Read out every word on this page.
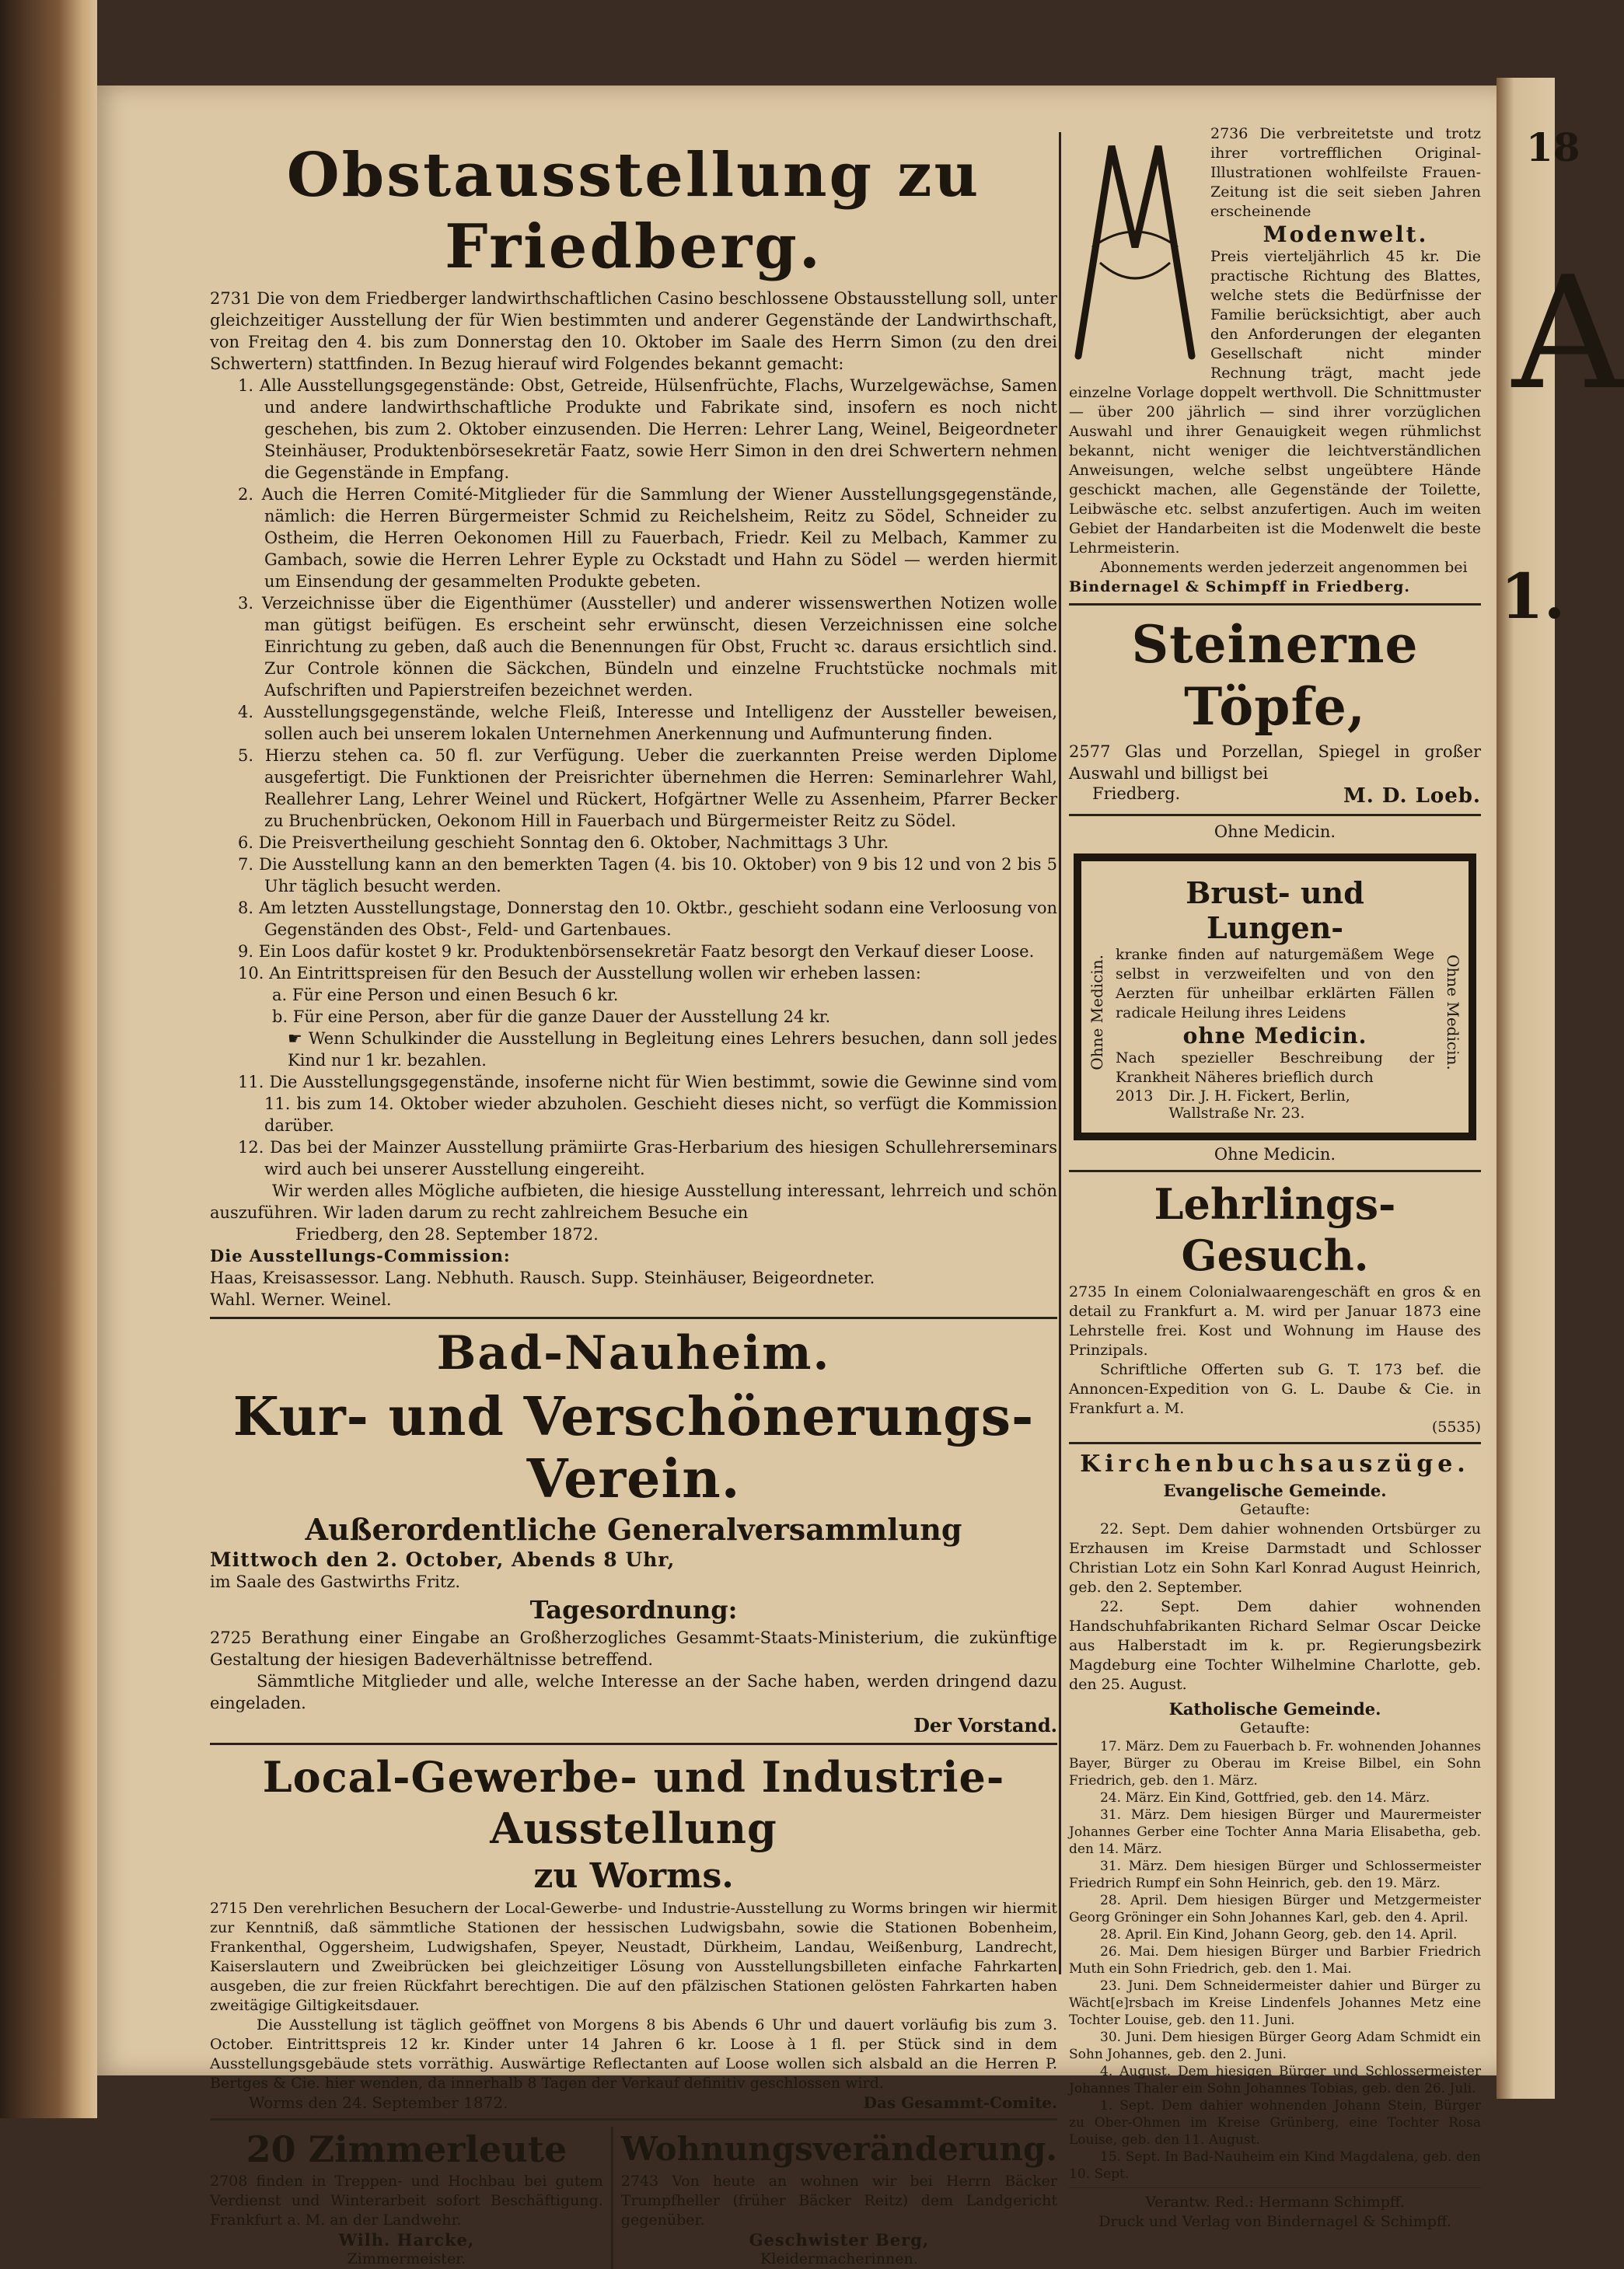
18
A
1.
Obstausstellung zu Friedberg.

2731 Die von dem Friedberger landwirthschaftlichen Casino beschlossene Obstausstellung soll, unter gleichzeitiger Ausstellung der für Wien bestimmten und anderer Gegenstände der Landwirthschaft, von Freitag den 4. bis zum Donnerstag den 10. Oktober im Saale des Herrn Simon (zu den drei Schwertern) stattfinden. In Bezug hierauf wird Folgendes bekannt gemacht:

1. Alle Ausstellungsgegenstände: Obst, Getreide, Hülsenfrüchte, Flachs, Wurzelgewächse, Samen und andere landwirthschaftliche Produkte und Fabrikate sind, insofern es noch nicht geschehen, bis zum 2. Oktober einzusenden. Die Herren: Lehrer Lang, Weinel, Beigeordneter Steinhäuser, Produktenbörsesekretär Faatz, sowie Herr Simon in den drei Schwertern nehmen die Gegenstände in Empfang.

2. Auch die Herren Comité-Mitglieder für die Sammlung der Wiener Ausstellungsgegenstände, nämlich: die Herren Bürgermeister Schmid zu Reichelsheim, Reitz zu Södel, Schneider zu Ostheim, die Herren Oekonomen Hill zu Fauerbach, Friedr. Keil zu Melbach, Kammer zu Gambach, sowie die Herren Lehrer Eyple zu Ockstadt und Hahn zu Södel — werden hiermit um Einsendung der gesammelten Produkte gebeten.

3. Verzeichnisse über die Eigenthümer (Aussteller) und anderer wissenswerthen Notizen wolle man gütigst beifügen. Es erscheint sehr erwünscht, diesen Verzeichnissen eine solche Einrichtung zu geben, daß auch die Benennungen für Obst, Frucht ꝛc. daraus ersichtlich sind. Zur Controle können die Säckchen, Bündeln und einzelne Fruchtstücke nochmals mit Aufschriften und Papierstreifen bezeichnet werden.

4. Ausstellungsgegenstände, welche Fleiß, Interesse und Intelligenz der Aussteller beweisen, sollen auch bei unserem lokalen Unternehmen Anerkennung und Aufmunterung finden.

5. Hierzu stehen ca. 50 fl. zur Verfügung. Ueber die zuerkannten Preise werden Diplome ausgefertigt. Die Funktionen der Preisrichter übernehmen die Herren: Seminarlehrer Wahl, Reallehrer Lang, Lehrer Weinel und Rückert, Hofgärtner Welle zu Assenheim, Pfarrer Becker zu Bruchenbrücken, Oekonom Hill in Fauerbach und Bürgermeister Reitz zu Södel.

6. Die Preisvertheilung geschieht Sonntag den 6. Oktober, Nachmittags 3 Uhr.

7. Die Ausstellung kann an den bemerkten Tagen (4. bis 10. Oktober) von 9 bis 12 und von 2 bis 5 Uhr täglich besucht werden.

8. Am letzten Ausstellungstage, Donnerstag den 10. Oktbr., geschieht sodann eine Verloosung von Gegenständen des Obst-, Feld- und Gartenbaues.

9. Ein Loos dafür kostet 9 kr. Produktenbörsensekretär Faatz besorgt den Verkauf dieser Loose.

10. An Eintrittspreisen für den Besuch der Ausstellung wollen wir erheben lassen:

a. Für eine Person und einen Besuch 6 kr.

b. Für eine Person, aber für die ganze Dauer der Ausstellung 24 kr.

☛ Wenn Schulkinder die Ausstellung in Begleitung eines Lehrers besuchen, dann soll jedes Kind nur 1 kr. bezahlen.

11. Die Ausstellungsgegenstände, insoferne nicht für Wien bestimmt, sowie die Gewinne sind vom 11. bis zum 14. Oktober wieder abzuholen. Geschieht dieses nicht, so verfügt die Kommission darüber.

12. Das bei der Mainzer Ausstellung prämiirte Gras-Herbarium des hiesigen Schullehrerseminars wird auch bei unserer Ausstellung eingereiht.

Wir werden alles Mögliche aufbieten, die hiesige Ausstellung interessant, lehrreich und schön auszuführen. Wir laden darum zu recht zahlreichem Besuche ein

Friedberg, den 28. September 1872.

Die Ausstellungs-Commission:

Haas, Kreisassessor. Lang. Nebhuth. Rausch. Supp. Steinhäuser, Beigeordneter.

Wahl. Werner. Weinel.

Bad-Nauheim.
Kur- und Verschönerungs-Verein.
Außerordentliche Generalversammlung

Mittwoch den 2. October, Abends 8 Uhr,

im Saale des Gastwirths Fritz.

Tagesordnung:

2725 Berathung einer Eingabe an Großherzogliches Gesammt-Staats-Ministerium, die zukünftige Gestaltung der hiesigen Badeverhältnisse betreffend.

Sämmtliche Mitglieder und alle, welche Interesse an der Sache haben, werden dringend dazu eingeladen.

Der Vorstand.
Local-Gewerbe- und Industrie-Ausstellung
zu Worms.

2715 Den verehrlichen Besuchern der Local-Gewerbe- und Industrie-Ausstellung zu Worms bringen wir hiermit zur Kenntniß, daß sämmtliche Stationen der hessischen Ludwigsbahn, sowie die Stationen Bobenheim, Frankenthal, Oggersheim, Ludwigshafen, Speyer, Neustadt, Dürkheim, Landau, Weißenburg, Landrecht, Kaiserslautern und Zweibrücken bei gleichzeitiger Lösung von Ausstellungsbilleten einfache Fahrkarten ausgeben, die zur freien Rückfahrt berechtigen. Die auf den pfälzischen Stationen gelösten Fahrkarten haben zweitägige Giltigkeitsdauer.

Die Ausstellung ist täglich geöffnet von Morgens 8 bis Abends 6 Uhr und dauert vorläufig bis zum 3. October. Eintrittspreis 12 kr. Kinder unter 14 Jahren 6 kr. Loose à 1 fl. per Stück sind in dem Ausstellungsgebäude stets vorräthig. Auswärtige Reflectanten auf Loose wollen sich alsbald an die Herren P. Bertges & Cie. hier wenden, da innerhalb 8 Tagen der Verkauf definitiv geschlossen wird.

Worms den 24. September 1872.	Das Gesammt-Comite.
20 Zimmerleute

2708 finden in Treppen- und Hochbau bei gutem Verdienst und Winterarbeit sofort Beschäftigung. Frankfurt a. M. an der Landwehr.

Wilh. Harcke,
Zimmermeister.
Wohnungsveränderung.

2743 Von heute an wohnen wir bei Herrn Bäcker Trumpfheller (früher Bäcker Reitz) dem Landgericht gegenüber.

Geschwister Berg,
Kleidermacherinnen.

2736 Die verbreitetste und trotz ihrer vortrefflichen Original-Illustrationen wohlfeilste Frauen-Zeitung ist die seit sieben Jahren erscheinende

Modenwelt.

Preis vierteljährlich 45 kr. Die practische Richtung des Blattes, welche stets die Bedürfnisse der Familie berücksichtigt, aber auch den Anforderungen der eleganten Gesellschaft nicht minder Rechnung trägt, macht jede einzelne Vorlage doppelt werthvoll. Die Schnittmuster — über 200 jährlich — sind ihrer vorzüglichen Auswahl und ihrer Genauigkeit wegen rühmlichst bekannt, nicht weniger die leichtverständlichen Anweisungen, welche selbst ungeübtere Hände geschickt machen, alle Gegenstände der Toilette, Leibwäsche etc. selbst anzufertigen. Auch im weiten Gebiet der Handarbeiten ist die Modenwelt die beste Lehrmeisterin.

Abonnements werden jederzeit angenommen bei

Bindernagel & Schimpff in Friedberg.

Steinerne Töpfe,

2577 Glas und Porzellan, Spiegel in großer Auswahl und billigst bei

Friedberg.	M. D. Loeb.
Ohne Medicin.
Ohne Medicin.	Ohne Medicin.
Brust- und Lungen-

kranke finden auf naturgemäßem Wege selbst in verzweifelten und von den Aerzten für unheilbar erklärten Fällen radicale Heilung ihres Leidens

ohne Medicin.

Nach spezieller Beschreibung der Krankheit Näheres brieflich durch

2013 Dir. J. H. Fickert, Berlin, Wallstraße Nr. 23.
Ohne Medicin.
Lehrlings-Gesuch.

2735 In einem Colonialwaarengeschäft en gros & en detail zu Frankfurt a. M. wird per Januar 1873 eine Lehrstelle frei. Kost und Wohnung im Hause des Prinzipals.

Schriftliche Offerten sub G. T. 173 bef. die Annoncen-Expedition von G. L. Daube & Cie. in Frankfurt a. M.

(5535)
Kirchenbuchsauszüge.
Evangelische Gemeinde.
Getaufte:

22. Sept. Dem dahier wohnenden Ortsbürger zu Erzhausen im Kreise Darmstadt und Schlosser Christian Lotz ein Sohn Karl Konrad August Heinrich, geb. den 2. September.

22. Sept. Dem dahier wohnenden Handschuhfabrikanten Richard Selmar Oscar Deicke aus Halberstadt im k. pr. Regierungsbezirk Magdeburg eine Tochter Wilhelmine Charlotte, geb. den 25. August.

Katholische Gemeinde.
Getaufte:

17. März. Dem zu Fauerbach b. Fr. wohnenden Johannes Bayer, Bürger zu Oberau im Kreise Bilbel, ein Sohn Friedrich, geb. den 1. März.

24. März. Ein Kind, Gottfried, geb. den 14. März.

31. März. Dem hiesigen Bürger und Maurermeister Johannes Gerber eine Tochter Anna Maria Elisabetha, geb. den 14. März.

31. März. Dem hiesigen Bürger und Schlossermeister Friedrich Rumpf ein Sohn Heinrich, geb. den 19. März.

28. April. Dem hiesigen Bürger und Metzgermeister Georg Gröninger ein Sohn Johannes Karl, geb. den 4. April.

28. April. Ein Kind, Johann Georg, geb. den 14. April.

26. Mai. Dem hiesigen Bürger und Barbier Friedrich Muth ein Sohn Friedrich, geb. den 1. Mai.

23. Juni. Dem Schneidermeister dahier und Bürger zu Wächt[e]rsbach im Kreise Lindenfels Johannes Metz eine Tochter Louise, geb. den 11. Juni.

30. Juni. Dem hiesigen Bürger Georg Adam Schmidt ein Sohn Johannes, geb. den 2. Juni.

4. August. Dem hiesigen Bürger und Schlossermeister Johannes Thaler ein Sohn Johannes Tobias, geb. den 26. Juli.

1. Sept. Dem dahier wohnenden Johann Stein, Bürger zu Ober-Ohmen im Kreise Grünberg, eine Tochter Rosa Louise, geb. den 11. August.

15. Sept. In Bad-Nauheim ein Kind Magdalena, geb. den 10. Sept.

Verantw. Red.: Hermann Schimpff.
Druck und Verlag von Bindernagel & Schimpff.
